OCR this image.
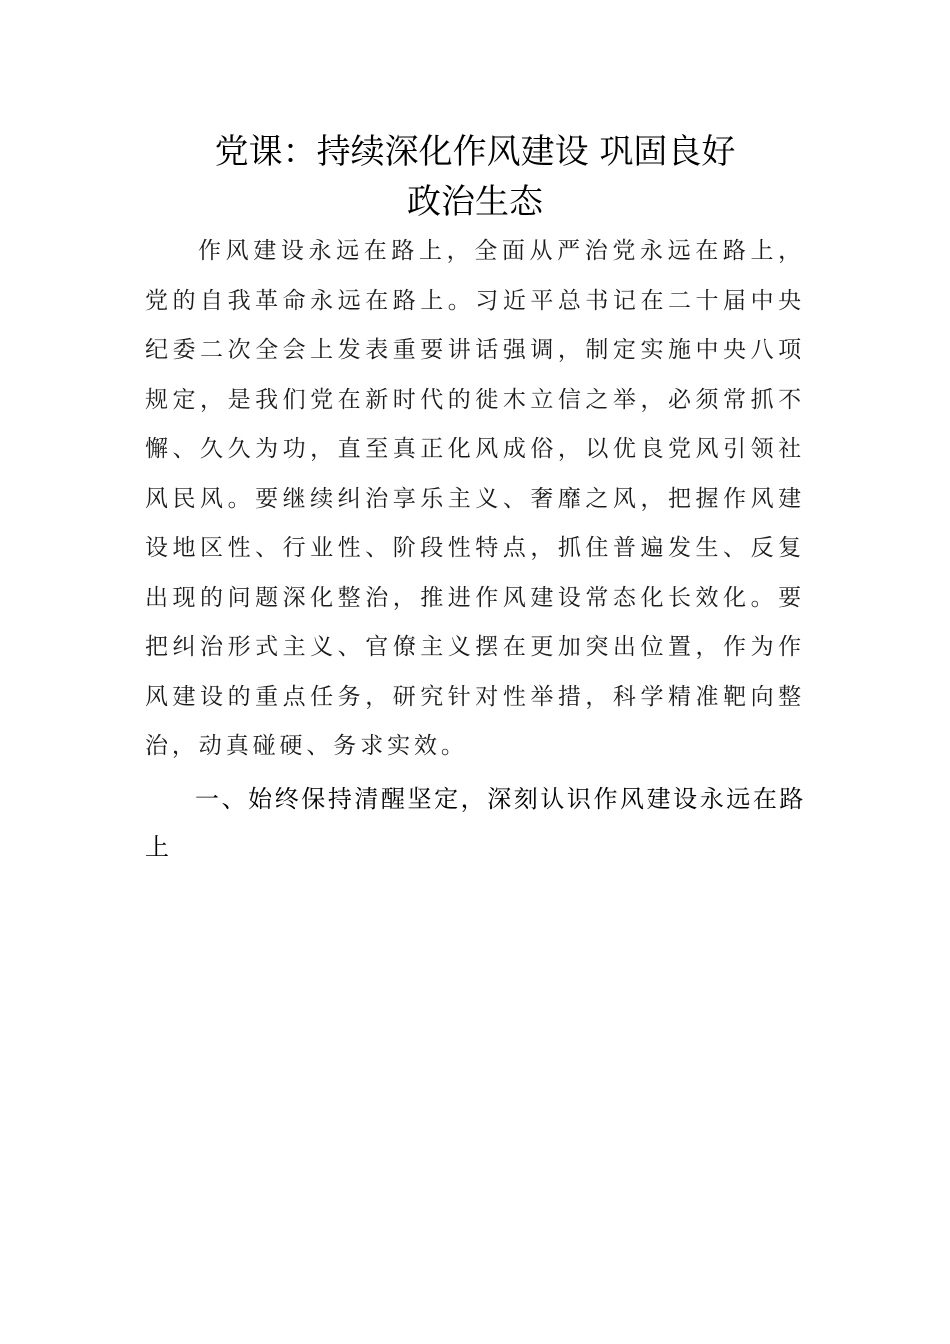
党课：持续深化作风建设 巩固良好
政治生态

作风建设永远在路上，全面从严治党永远在路上，党的自我革命永远在路上。习近平总书记在二十届中央纪委二次全会上发表重要讲话强调，制定实施中央八项规定，是我们党在新时代的徙木立信之举，必须常抓不懈、久久为功，直至真正化风成俗，以优良党风引领社风民风。要继续纠治享乐主义、奢靡之风，把握作风建设地区性、行业性、阶段性特点，抓住普遍发生、反复出现的问题深化整治，推进作风建设常态化长效化。要把纠治形式主义、官僚主义摆在更加突出位置，作为作风建设的重点任务，研究针对性举措，科学精准靶向整治，动真碰硬、务求实效。

一、始终保持清醒坚定，深刻认识作风建设永远在路上
